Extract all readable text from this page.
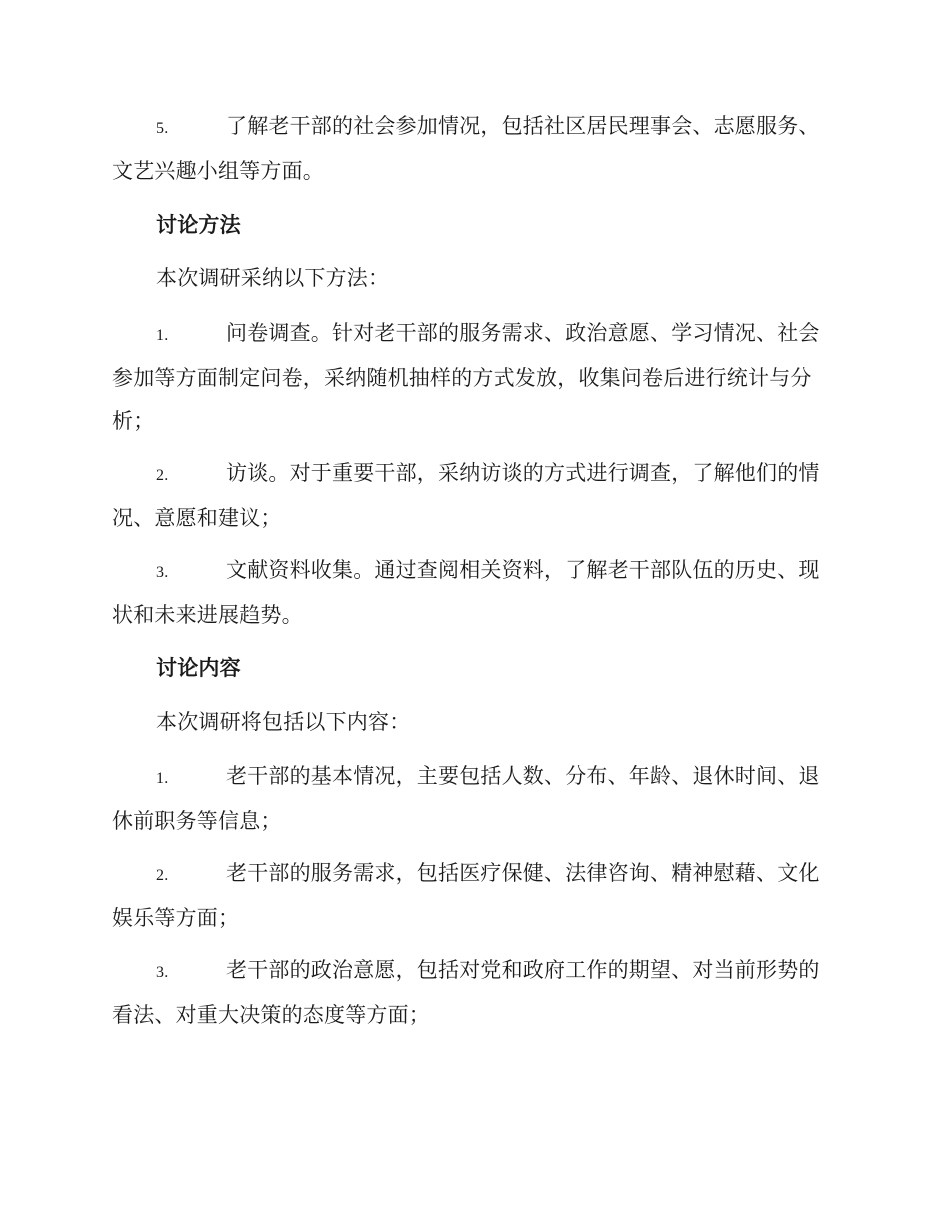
5.	了解老干部的社会参加情况，包括社区居民理事会、志愿服务、文艺兴趣小组等方面。
讨论方法
本次调研采纳以下方法：
1.	问卷调查。针对老干部的服务需求、政治意愿、学习情况、社会参加等方面制定问卷，采纳随机抽样的方式发放，收集问卷后进行统计与分析；
2.	访谈。对于重要干部，采纳访谈的方式进行调查，了解他们的情况、意愿和建议；
3.	文献资料收集。通过查阅相关资料，了解老干部队伍的历史、现状和未来进展趋势。
讨论内容
本次调研将包括以下内容：
1.	老干部的基本情况，主要包括人数、分布、年龄、退休时间、退休前职务等信息；
2.	老干部的服务需求，包括医疗保健、法律咨询、精神慰藉、文化娱乐等方面；
3.	老干部的政治意愿，包括对党和政府工作的期望、对当前形势的看法、对重大决策的态度等方面；
